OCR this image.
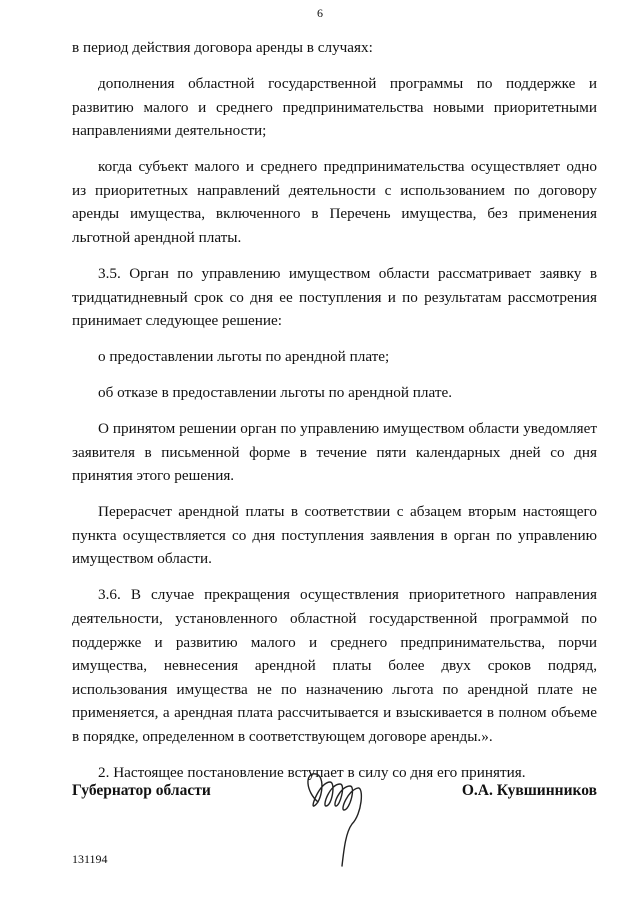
6

в период действия договора аренды в случаях:

дополнения областной государственной программы по поддержке и развитию малого и среднего предпринимательства новыми приоритетными направлениями деятельности;

когда субъект малого и среднего предпринимательства осуществляет одно из приоритетных направлений деятельности с использованием по договору аренды имущества, включенного в Перечень имущества, без применения льготной арендной платы.

3.5. Орган по управлению имуществом области рассматривает заявку в тридцатидневный срок со дня ее поступления и по результатам рассмотрения принимает следующее решение:

о предоставлении льготы по арендной плате;

об отказе в предоставлении льготы по арендной плате.

О принятом решении орган по управлению имуществом области уведомляет заявителя в письменной форме в течение пяти календарных дней со дня принятия этого решения.

Перерасчет арендной платы в соответствии с абзацем вторым настоящего пункта осуществляется со дня поступления заявления в орган по управлению имуществом области.

3.6. В случае прекращения осуществления приоритетного направления деятельности, установленного областной государственной программой по поддержке и развитию малого и среднего предпринимательства, порчи имущества, невнесения арендной платы более двух сроков подряд, использования имущества не по назначению льгота по арендной плате не применяется, а арендная плата рассчитывается и взыскивается в полном объеме в порядке, определенном в соответствующем договоре аренды.».

2. Настоящее постановление вступает в силу со дня его принятия.

Губернатор области	О.А. Кувшинников
131194
